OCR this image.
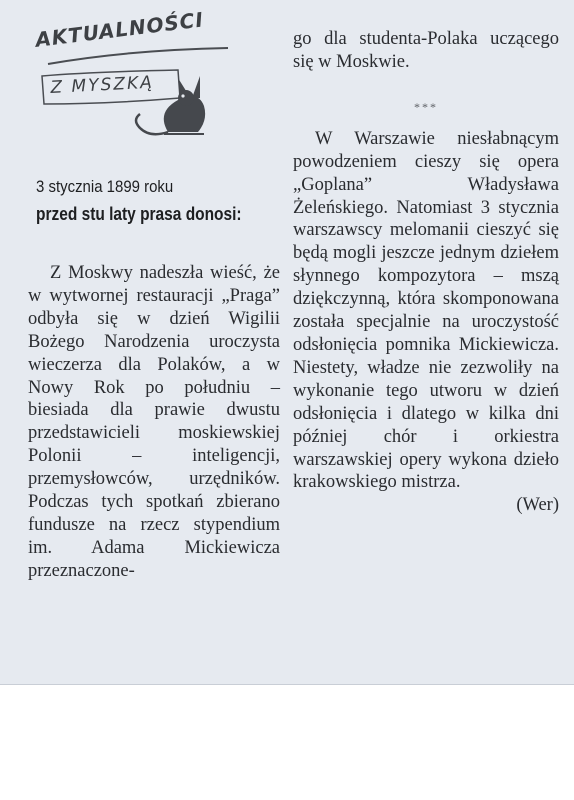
AKTUALNOŚCI
Z MYSZKĄ
3 stycznia 1899 roku
przed stu laty prasa donosi:

Z Moskwy nadeszła wieść, że w wytwornej restauracji „Praga” odbyła się w dzień Wigilii Bożego Narodzenia uroczysta wieczerza dla Polaków, a w Nowy Rok po południu – biesiada dla prawie dwustu przedstawicieli moskiewskiej Polonii – inteligencji, przemysłowców, urzędników. Podczas tych spotkań zbierano fundusze na rzecz stypendium im. Adama Mickiewicza przeznaczone-

go dla studenta-Polaka uczącego się w Moskwie.

***

W Warszawie niesłabnącym powodzeniem cieszy się opera „Goplana” Władysława Żeleńskiego. Natomiast 3 stycznia warszawscy melomanii cieszyć się będą mogli jeszcze jednym dziełem słynnego kompozytora – mszą dziękczynną, która skomponowana została specjalnie na uroczystość odsłonięcia pomnika Mickiewicza. Niestety, władze nie zezwoliły na wykonanie tego utworu w dzień odsłonięcia i dlatego w kilka dni później chór i orkiestra warszawskiej opery wykona dzieło krakowskiego mistrza.

(Wer)
